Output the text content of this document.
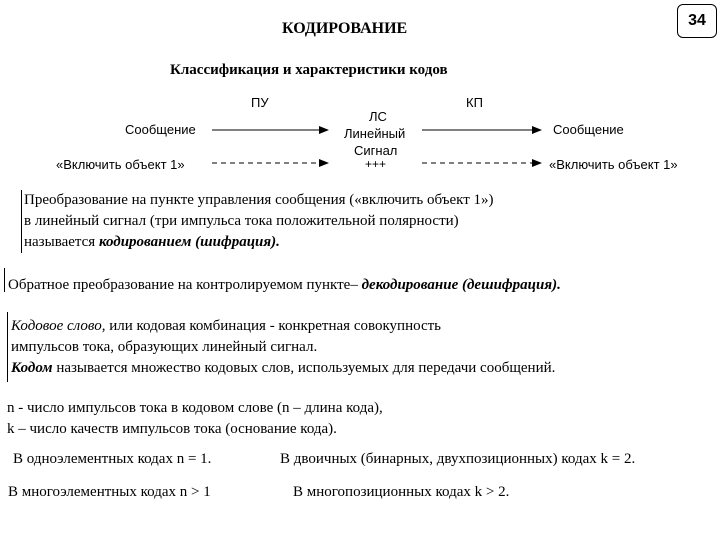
КОДИРОВАНИЕ	34
Классификация и характеристики кодов
ПУ	КП
ЛС
Линейный
Сигнал
+++
Сообщение	Сообщение
«Включить объект 1»	«Включить объект 1»
Преобразование на пункте управления сообщения («включить объект 1»)
в линейный сигнал (три импульса тока положительной полярности)
называется кодированием (шифрация).
Обратное преобразование на контролируемом пункте– декодирование (дешифрация).
Кодовое слово, или кодовая комбинация - конкретная совокупность
импульсов тока, образующих линейный сигнал.
Кодом называется множество кодовых слов, используемых для передачи сообщений.
n - число импульсов тока в кодовом слове (n – длина кода),
k – число качеств импульсов тока (основание кода).
В одноэлементных кодах n = 1.	В двоичных (бинарных, двухпозиционных) кодах k = 2.
В многоэлементных кодах n > 1	В многопозиционных кодах k > 2.
